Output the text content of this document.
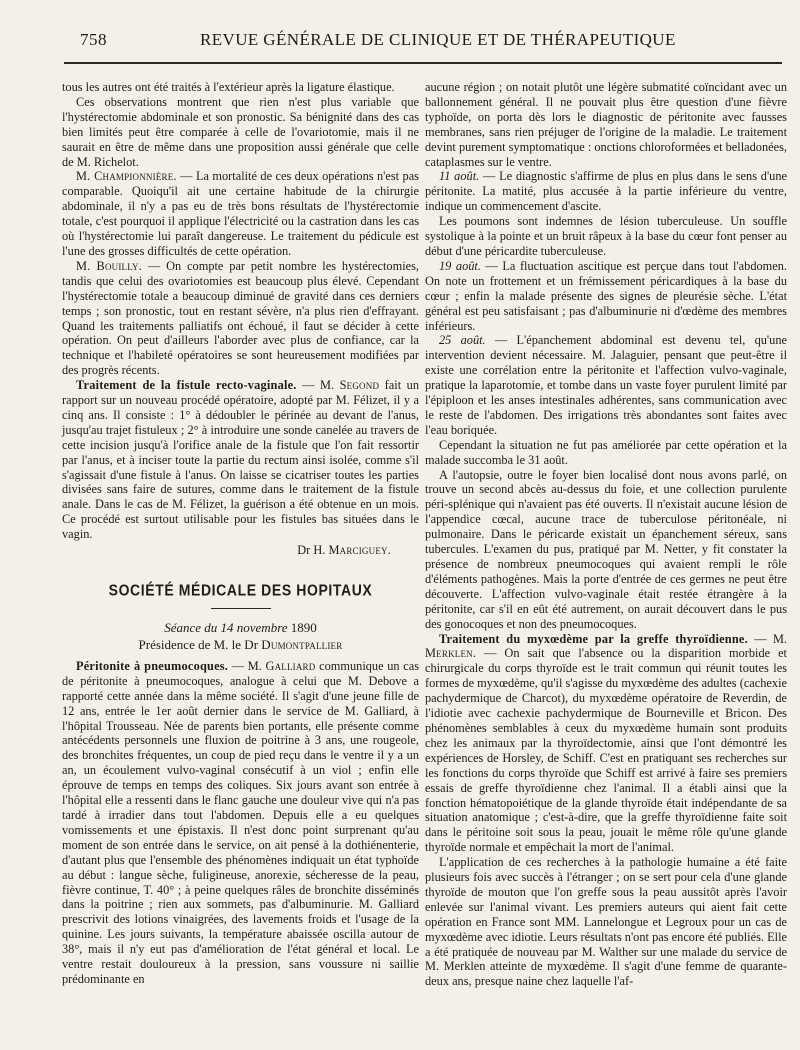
758	REVUE GÉNÉRALE DE CLINIQUE ET DE THÉRAPEUTIQUE

tous les autres ont été traités à l'extérieur après la ligature élastique.

Ces observations montrent que rien n'est plus variable que l'hystérectomie abdominale et son pronostic. Sa bénignité dans des cas bien limités peut être comparée à celle de l'ovariotomie, mais il ne saurait en être de même dans une proposition aussi générale que celle de M. Richelot.

M. Championnière. — La mortalité de ces deux opérations n'est pas comparable. Quoiqu'il ait une certaine habitude de la chirurgie abdominale, il n'y a pas eu de très bons résultats de l'hystérectomie totale, c'est pourquoi il applique l'électricité ou la castration dans les cas où l'hystérectomie lui paraît dangereuse. Le traitement du pédicule est l'une des grosses difficultés de cette opération.

M. Bouilly. — On compte par petit nombre les hystérectomies, tandis que celui des ovariotomies est beaucoup plus élevé. Cependant l'hystérectomie totale a beaucoup diminué de gravité dans ces derniers temps ; son pronostic, tout en restant sévère, n'a plus rien d'effrayant. Quand les traitements palliatifs ont échoué, il faut se décider à cette opération. On peut d'ailleurs l'aborder avec plus de confiance, car la technique et l'habileté opératoires se sont heureusement modifiées par des progrès récents.

Traitement de la fistule recto-vaginale. — M. Segond fait un rapport sur un nouveau procédé opératoire, adopté par M. Félizet, il y a cinq ans. Il consiste : 1° à dédoubler le périnée au devant de l'anus, jusqu'au trajet fistuleux ; 2° à introduire une sonde canelée au travers de cette incision jusqu'à l'orifice anale de la fistule que l'on fait ressortir par l'anus, et à inciser toute la partie du rectum ainsi isolée, comme s'il s'agissait d'une fistule à l'anus. On laisse se cicatriser toutes les parties divisées sans faire de sutures, comme dans le traitement de la fistule anale. Dans le cas de M. Félizet, la guérison a été obtenue en un mois. Ce procédé est surtout utilisable pour les fistules bas situées dans le vagin.

Dr H. Marciguey.

SOCIÉTÉ MÉDICALE DES HOPITAUX
Séance du 14 novembre 1890
Présidence de M. le Dr Dumontpallier

Péritonite à pneumocoques. — M. Galliard communique un cas de péritonite à pneumocoques, analogue à celui que M. Debove a rapporté cette année dans la même société. Il s'agit d'une jeune fille de 12 ans, entrée le 1er août dernier dans le service de M. Galliard, à l'hôpital Trousseau. Née de parents bien portants, elle présente comme antécédents personnels une fluxion de poitrine à 3 ans, une rougeole, des bronchites fréquentes, un coup de pied reçu dans le ventre il y a un an, un écoulement vulvo-vaginal consécutif à un viol ; enfin elle éprouve de temps en temps des coliques. Six jours avant son entrée à l'hôpital elle a ressenti dans le flanc gauche une douleur vive qui n'a pas tardé à irradier dans tout l'abdomen. Depuis elle a eu quelques vomissements et une épistaxis. Il n'est donc point surprenant qu'au moment de son entrée dans le service, on ait pensé à la dothiénenterie, d'autant plus que l'ensemble des phénomènes indiquait un état typhoïde au début : langue sèche, fuligineuse, anorexie, sécheresse de la peau, fièvre continue, T. 40° ; à peine quelques râles de bronchite disséminés dans la poitrine ; rien aux sommets, pas d'albuminurie. M. Galliard prescrivit des lotions vinaigrées, des lavements froids et l'usage de la quinine. Les jours suivants, la température abaissée oscilla autour de 38°, mais il n'y eut pas d'amélioration de l'état général et local. Le ventre restait douloureux à la pression, sans voussure ni saillie prédominante en

aucune région ; on notait plutôt une légère submatité coïncidant avec un ballonnement général. Il ne pouvait plus être question d'une fièvre typhoïde, on porta dès lors le diagnostic de péritonite avec fausses membranes, sans rien préjuger de l'origine de la maladie. Le traitement devint purement symptomatique : onctions chloroformées et belladonées, cataplasmes sur le ventre.

11 août. — Le diagnostic s'affirme de plus en plus dans le sens d'une péritonite. La matité, plus accusée à la partie inférieure du ventre, indique un commencement d'ascite.

Les poumons sont indemnes de lésion tuberculeuse. Un souffle systolique à la pointe et un bruit râpeux à la base du cœur font penser au début d'une péricardite tuberculeuse.

19 août. — La fluctuation ascitique est perçue dans tout l'abdomen. On note un frottement et un frémissement péricardiques à la base du cœur ; enfin la malade présente des signes de pleurésie sèche. L'état général est peu satisfaisant ; pas d'albuminurie ni d'œdème des membres inférieurs.

25 août. — L'épanchement abdominal est devenu tel, qu'une intervention devient nécessaire. M. Jalaguier, pensant que peut-être il existe une corrélation entre la péritonite et l'affection vulvo-vaginale, pratique la laparotomie, et tombe dans un vaste foyer purulent limité par l'épiploon et les anses intestinales adhérentes, sans communication avec le reste de l'abdomen. Des irrigations très abondantes sont faites avec l'eau boriquée.

Cependant la situation ne fut pas améliorée par cette opération et la malade succomba le 31 août.

A l'autopsie, outre le foyer bien localisé dont nous avons parlé, on trouve un second abcès au-dessus du foie, et une collection purulente péri-splénique qui n'avaient pas été ouverts. Il n'existait aucune lésion de l'appendice cœcal, aucune trace de tuberculose péritonéale, ni pulmonaire. Dans le péricarde existait un épanchement séreux, sans tubercules. L'examen du pus, pratiqué par M. Netter, y fit constater la présence de nombreux pneumocoques qui avaient rempli le rôle d'éléments pathogènes. Mais la porte d'entrée de ces germes ne peut être découverte. L'affection vulvo-vaginale était restée étrangère à la péritonite, car s'il en eût été autrement, on aurait découvert dans le pus des gonocoques et non des pneumocoques.

Traitement du myxœdème par la greffe thyroïdienne. — M. Merklen. — On sait que l'absence ou la disparition morbide et chirurgicale du corps thyroïde est le trait commun qui réunit toutes les formes de myxœdème, qu'il s'agisse du myxœdème des adultes (cachexie pachydermique de Charcot), du myxœdème opératoire de Reverdin, de l'idiotie avec cachexie pachydermique de Bourneville et Bricon. Des phénomènes semblables à ceux du myxœdème humain sont produits chez les animaux par la thyroïdectomie, ainsi que l'ont démontré les expériences de Horsley, de Schiff. C'est en pratiquant ses recherches sur les fonctions du corps thyroïde que Schiff est arrivé à faire ses premiers essais de greffe thyroïdienne chez l'animal. Il a établi ainsi que la fonction hématopoiétique de la glande thyroïde était indépendante de sa situation anatomique ; c'est-à-dire, que la greffe thyroïdienne faite soit dans le péritoine soit sous la peau, jouait le même rôle qu'une glande thyroïde normale et empêchait la mort de l'animal.

L'application de ces recherches à la pathologie humaine a été faite plusieurs fois avec succès à l'étranger ; on se sert pour cela d'une glande thyroïde de mouton que l'on greffe sous la peau aussitôt après l'avoir enlevée sur l'animal vivant. Les premiers auteurs qui aient fait cette opération en France sont MM. Lannelongue et Legroux pour un cas de myxœdème avec idiotie. Leurs résultats n'ont pas encore été publiés. Elle a été pratiquée de nouveau par M. Walther sur une malade du service de M. Merklen atteinte de myxœdème. Il s'agit d'une femme de quarante-deux ans, presque naine chez laquelle l'af-
